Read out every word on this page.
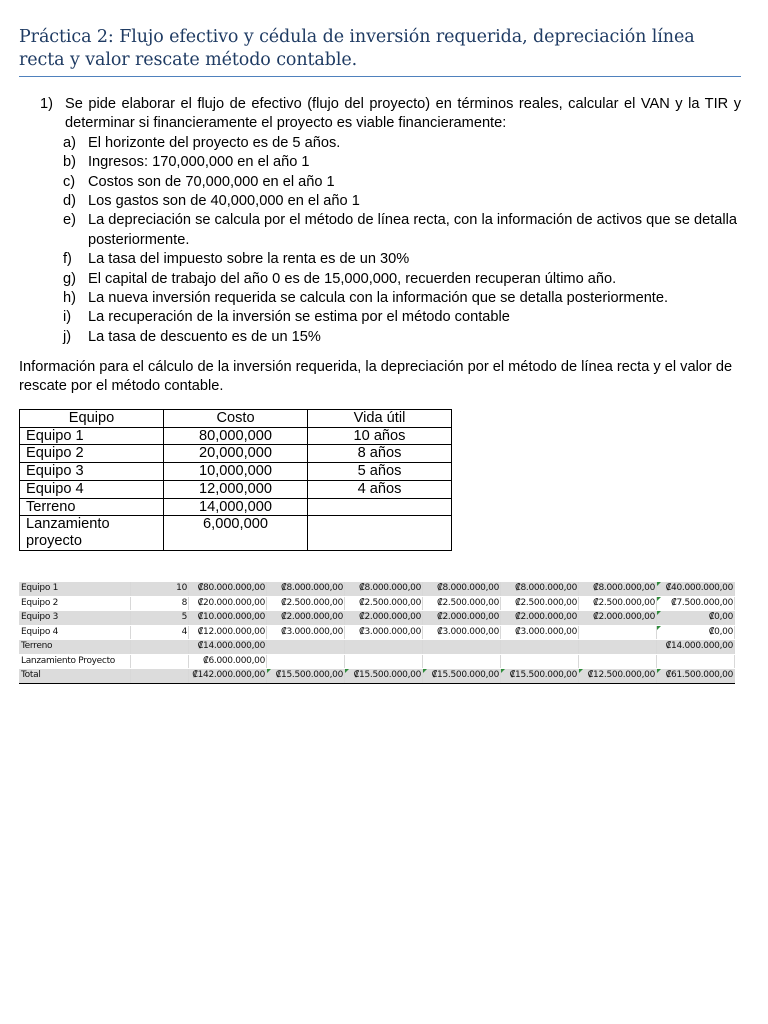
Práctica 2: Flujo efectivo y cédula de inversión requerida, depreciación línea recta y valor rescate método contable.
1) Se pide elaborar el flujo de efectivo (flujo del proyecto) en términos reales, calcular el VAN y la TIR y determinar si financieramente el proyecto es viable financieramente:
a) El horizonte del proyecto es de 5 años.
b) Ingresos: 170,000,000 en el año 1
c) Costos son de 70,000,000 en el año 1
d) Los gastos son de 40,000,000 en el año 1
e) La depreciación se calcula por el método de línea recta, con la información de activos que se detalla posteriormente.
f) La tasa del impuesto sobre la renta es de un 30%
g) El capital de trabajo del año 0 es de 15,000,000, recuerden recuperan último año.
h) La nueva inversión requerida se calcula con la información que se detalla posteriormente.
i) La recuperación de la inversión se estima por el método contable
j) La tasa de descuento es de un 15%
Información para el cálculo de la inversión requerida, la depreciación por el método de línea recta y el valor de rescate por el método contable.
Equipo	Costo	Vida útil
Equipo 1	80,000,000	10 años
Equipo 2	20,000,000	8 años
Equipo 3	10,000,000	5 años
Equipo 4	12,000,000	4 años
Terreno	14,000,000	
Lanzamiento proyecto	6,000,000	
Equipo 1	10	₡80.000.000,00	₡8.000.000,00	₡8.000.000,00	₡8.000.000,00	₡8.000.000,00	₡8.000.000,00	₡40.000.000,00
Equipo 2	8	₡20.000.000,00	₡2.500.000,00	₡2.500.000,00	₡2.500.000,00	₡2.500.000,00	₡2.500.000,00	₡7.500.000,00
Equipo 3	5	₡10.000.000,00	₡2.000.000,00	₡2.000.000,00	₡2.000.000,00	₡2.000.000,00	₡2.000.000,00	₡0,00
Equipo 4	4	₡12.000.000,00	₡3.000.000,00	₡3.000.000,00	₡3.000.000,00	₡3.000.000,00		₡0,00
Terreno		₡14.000.000,00						₡14.000.000,00
Lanzamiento Proyecto		₡6.000.000,00						
Total		₡142.000.000,00	₡15.500.000,00	₡15.500.000,00	₡15.500.000,00	₡15.500.000,00	₡12.500.000,00	₡61.500.000,00
